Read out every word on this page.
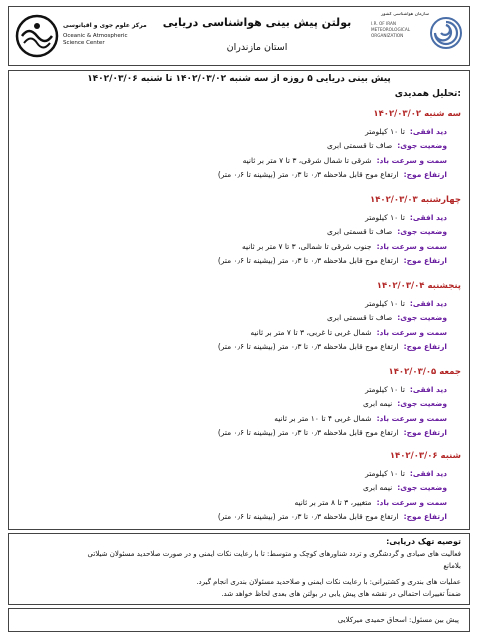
مرکز علوم جوی و اقیانوسی
Oceanic & Atmospheric Science Center
بولتن پیش بینی هواشناسی دریایی
استان مازندران
سازمان هواشناسی کشور
I.R. OF IRAN METEOROLOGICAL ORGANIZATION
پیش بینی دریایی ۵ روزه از سه شنبه ۱۴۰۲/۰۳/۰۲ تا شنبه ۱۴۰۲/۰۳/۰۶
تحلیل همدیدی:
سه شنبه ۱۴۰۲/۰۳/۰۲
دید افقی:تا ۱۰ کیلومتر
وضعیت جوی:صاف تا قسمتی ابری
سمت و سرعت باد:شرقی تا شمال شرقی، ۳ تا ۷ متر بر ثانیه
ارتفاع موج:ارتفاع موج قابل ملاحظه ۰٫۳ تا ۰٫۳ متر (بیشینه تا ۰٫۶ متر)
چهارشنبه ۱۴۰۲/۰۳/۰۳
دید افقی:تا ۱۰ کیلومتر
وضعیت جوی:صاف تا قسمتی ابری
سمت و سرعت باد:جنوب شرقی تا شمالی، ۳ تا ۷ متر بر ثانیه
ارتفاع موج:ارتفاع موج قابل ملاحظه ۰٫۳ تا ۰٫۳ متر (بیشینه تا ۰٫۶ متر)
پنجشنبه ۱۴۰۲/۰۳/۰۴
دید افقی:تا ۱۰ کیلومتر
وضعیت جوی:صاف تا قسمتی ابری
سمت و سرعت باد:شمال غربی تا غربی، ۳ تا ۷ متر بر ثانیه
ارتفاع موج:ارتفاع موج قابل ملاحظه ۰٫۳ تا ۰٫۳ متر (بیشینه تا ۰٫۶ متر)
جمعه ۱۴۰۲/۰۳/۰۵
دید افقی:تا ۱۰ کیلومتر
وضعیت جوی:نیمه ابری
سمت و سرعت باد:شمال غربی ۴ تا ۱۰ متر بر ثانیه
ارتفاع موج:ارتفاع موج قابل ملاحظه ۰٫۳ تا ۰٫۳ متر (بیشینه تا ۰٫۶ متر)
شنبه ۱۴۰۲/۰۳/۰۶
دید افقی:تا ۱۰ کیلومتر
وضعیت جوی:نیمه ابری
سمت و سرعت باد:متغییر، ۳ تا ۸ متر بر ثانیه
ارتفاع موج:ارتفاع موج قابل ملاحظه ۰٫۳ تا ۰٫۳ متر (بیشینه تا ۰٫۶ متر)
توصیه تهک دریایی:
فعالیت های صیادی و گردشگری و تردد شناورهای کوچک و متوسط: تا با رعایت نکات ایمنی و در صورت صلاحدید مسئولان شیلاتی
بلامانع
عملیات های بندری و کشتیرانی: با رعایت نکات ایمنی و صلاحدید مسئولان بندری انجام گیرد.
ضمناً تغییرات احتمالی در نقشه های پیش یابی در بولتن های بعدی لحاظ خواهد شد.
پیش بین مسئول: اسحاق حمیدی میرکلایی
